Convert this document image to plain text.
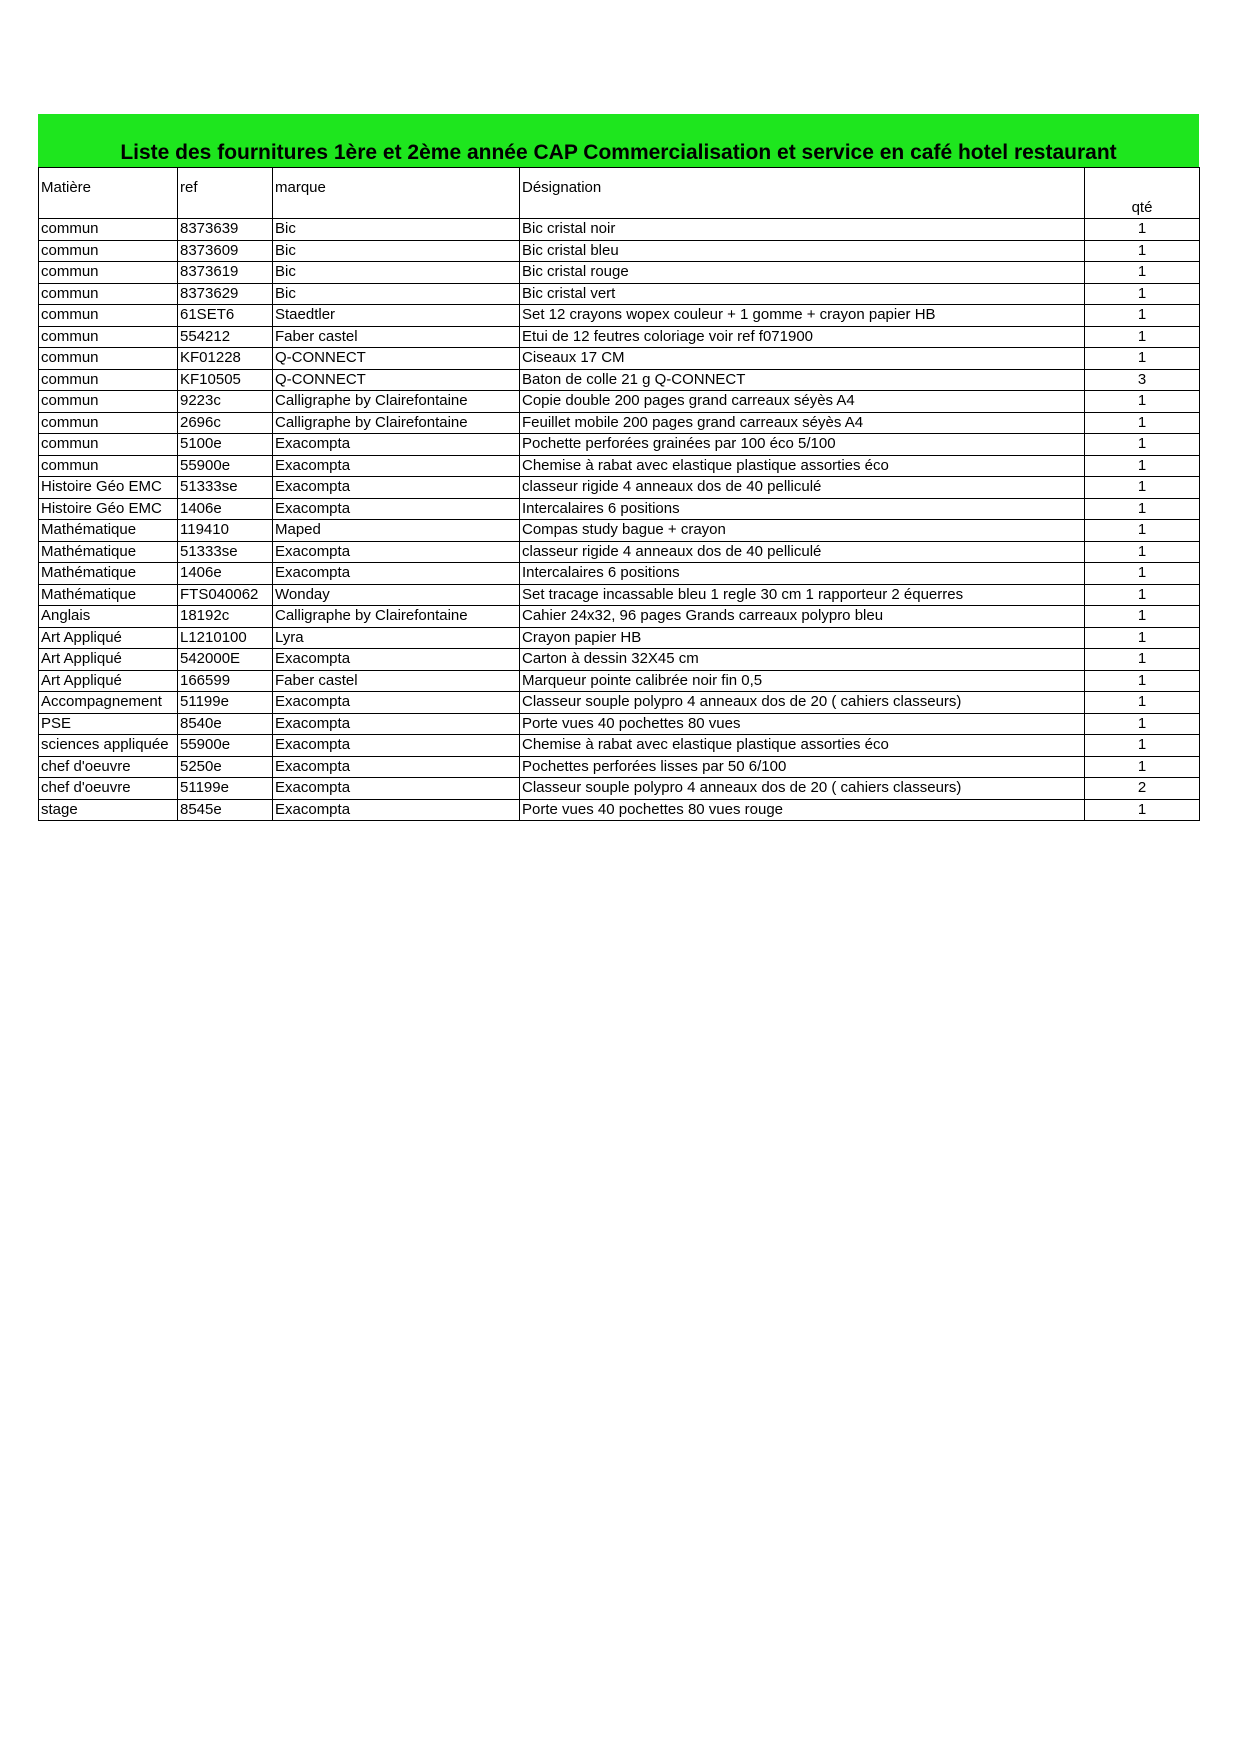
Liste des fournitures 1ère et 2ème année CAP Commercialisation et service en café hotel restaurant
Matière	ref	marque	Désignation	qté
commun	8373639	Bic	Bic cristal noir	1
commun	8373609	Bic	Bic cristal bleu	1
commun	8373619	Bic	Bic cristal rouge	1
commun	8373629	Bic	Bic cristal vert	1
commun	61SET6	Staedtler	Set 12 crayons wopex couleur + 1 gomme + crayon papier HB	1
commun	554212	Faber castel	Etui de 12 feutres coloriage voir ref f071900	1
commun	KF01228	Q-CONNECT	Ciseaux 17 CM	1
commun	KF10505	Q-CONNECT	Baton de colle 21 g Q-CONNECT	3
commun	9223c	Calligraphe by Clairefontaine	Copie double 200 pages grand carreaux séyès A4	1
commun	2696c	Calligraphe by Clairefontaine	Feuillet mobile 200 pages grand carreaux séyès A4	1
commun	5100e	Exacompta	Pochette perforées grainées par 100 éco 5/100	1
commun	55900e	Exacompta	Chemise à rabat avec elastique plastique assorties éco	1
Histoire Géo EMC	51333se	Exacompta	classeur rigide 4 anneaux dos de 40 pelliculé	1
Histoire Géo EMC	1406e	Exacompta	Intercalaires 6 positions	1
Mathématique	119410	Maped	Compas study bague + crayon	1
Mathématique	51333se	Exacompta	classeur rigide 4 anneaux dos de 40 pelliculé	1
Mathématique	1406e	Exacompta	Intercalaires 6 positions	1
Mathématique	FTS040062	Wonday	Set tracage incassable bleu 1 regle 30 cm 1 rapporteur 2 équerres	1
Anglais	18192c	Calligraphe by Clairefontaine	Cahier 24x32, 96 pages Grands carreaux polypro bleu	1
Art Appliqué	L1210100	Lyra	Crayon papier HB	1
Art Appliqué	542000E	Exacompta	Carton à dessin 32X45 cm	1
Art Appliqué	166599	Faber castel	Marqueur pointe calibrée noir fin 0,5	1
Accompagnement	51199e	Exacompta	Classeur souple polypro 4 anneaux dos de 20 ( cahiers classeurs)	1
PSE	8540e	Exacompta	Porte vues 40 pochettes 80 vues	1
sciences appliquée	55900e	Exacompta	Chemise à rabat avec elastique plastique assorties éco	1
chef d'oeuvre	5250e	Exacompta	Pochettes perforées lisses par 50 6/100	1
chef d'oeuvre	51199e	Exacompta	Classeur souple polypro 4 anneaux dos de 20 ( cahiers classeurs)	2
stage	8545e	Exacompta	Porte vues 40 pochettes 80 vues rouge	1
